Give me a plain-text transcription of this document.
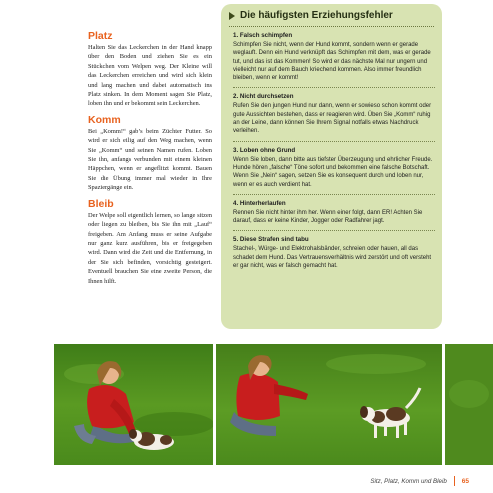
Platz

Halten Sie das Leckerchen in der Hand knapp über den Boden und ziehen Sie es ein Stückchen vom Welpen weg. Der Kleine will das Leckerchen erreichen und wird sich klein und lang machen und dabei automatisch ins Platz sinken. In dem Moment sagen Sie Platz, loben ihn und er bekommt sein Leckerchen.

Komm

Bei „Komm!“ gab’s beim Züchter Futter. So wird er sich eilig auf den Weg machen, wenn Sie „Komm“ und seinen Namen rufen. Loben Sie ihn, anfangs verbunden mit einem kleinen Häppchen, wenn er angeflitzt kommt. Bauen Sie die Übung immer mal wieder in Ihre Spaziergänge ein.

Bleib

Der Welpe soll eigentlich lernen, so lange sitzen oder liegen zu bleiben, bis Sie ihn mit „Lauf“ freigeben. Am Anfang muss er seine Aufgabe nur ganz kurz ausführen, bis er freigegeben wird. Dann wird die Zeit und die Entfernung, in der Sie sich befinden, vorsichtig gesteigert. Eventuell brauchen Sie eine zweite Person, die Ihnen hilft.

Die häufigsten Erziehungsfehler

1. Falsch schimpfen

Schimpfen Sie nicht, wenn der Hund kommt, sondern wenn er gerade weglauft. Denn ein Hund verknüpft das Schimpfen mit dem, was er gerade tut, und das ist das Kommen! So wird er das nächste Mal nur ungern und vielleicht nur auf dem Bauch kriechend kommen. Also immer freundlich bleiben, wenn er kommt!

2. Nicht durchsetzen

Rufen Sie den jungen Hund nur dann, wenn er sowieso schon kommt oder gute Aussichten bestehen, dass er reagieren wird. Üben Sie „Komm“ ruhig an der Leine, dann können Sie Ihrem Signal notfalls etwas Nachdruck verleihen.

3. Loben ohne Grund

Wenn Sie loben, dann bitte aus tiefster Überzeugung und ehrlicher Freude. Hunde hören „falsche“ Töne sofort und bekommen eine falsche Botschaft. Wenn Sie „Nein“ sagen, setzen Sie es konsequent durch und loben nur, wenn er es auch verdient hat.

4. Hinterherlaufen

Rennen Sie nicht hinter ihm her. Wenn einer folgt, dann ER! Achten Sie darauf, dass er keine Kinder, Jogger oder Radfahrer jagt.

5. Diese Strafen sind tabu

Stachel-, Würge- und Elektrohalsbänder, schreien oder hauen, all das schadet dem Hund. Das Vertrauensverhältnis wird zerstört und oft versteht er gar nicht, was er falsch gemacht hat.

Sitz, Platz, Komm und Bleib 65
